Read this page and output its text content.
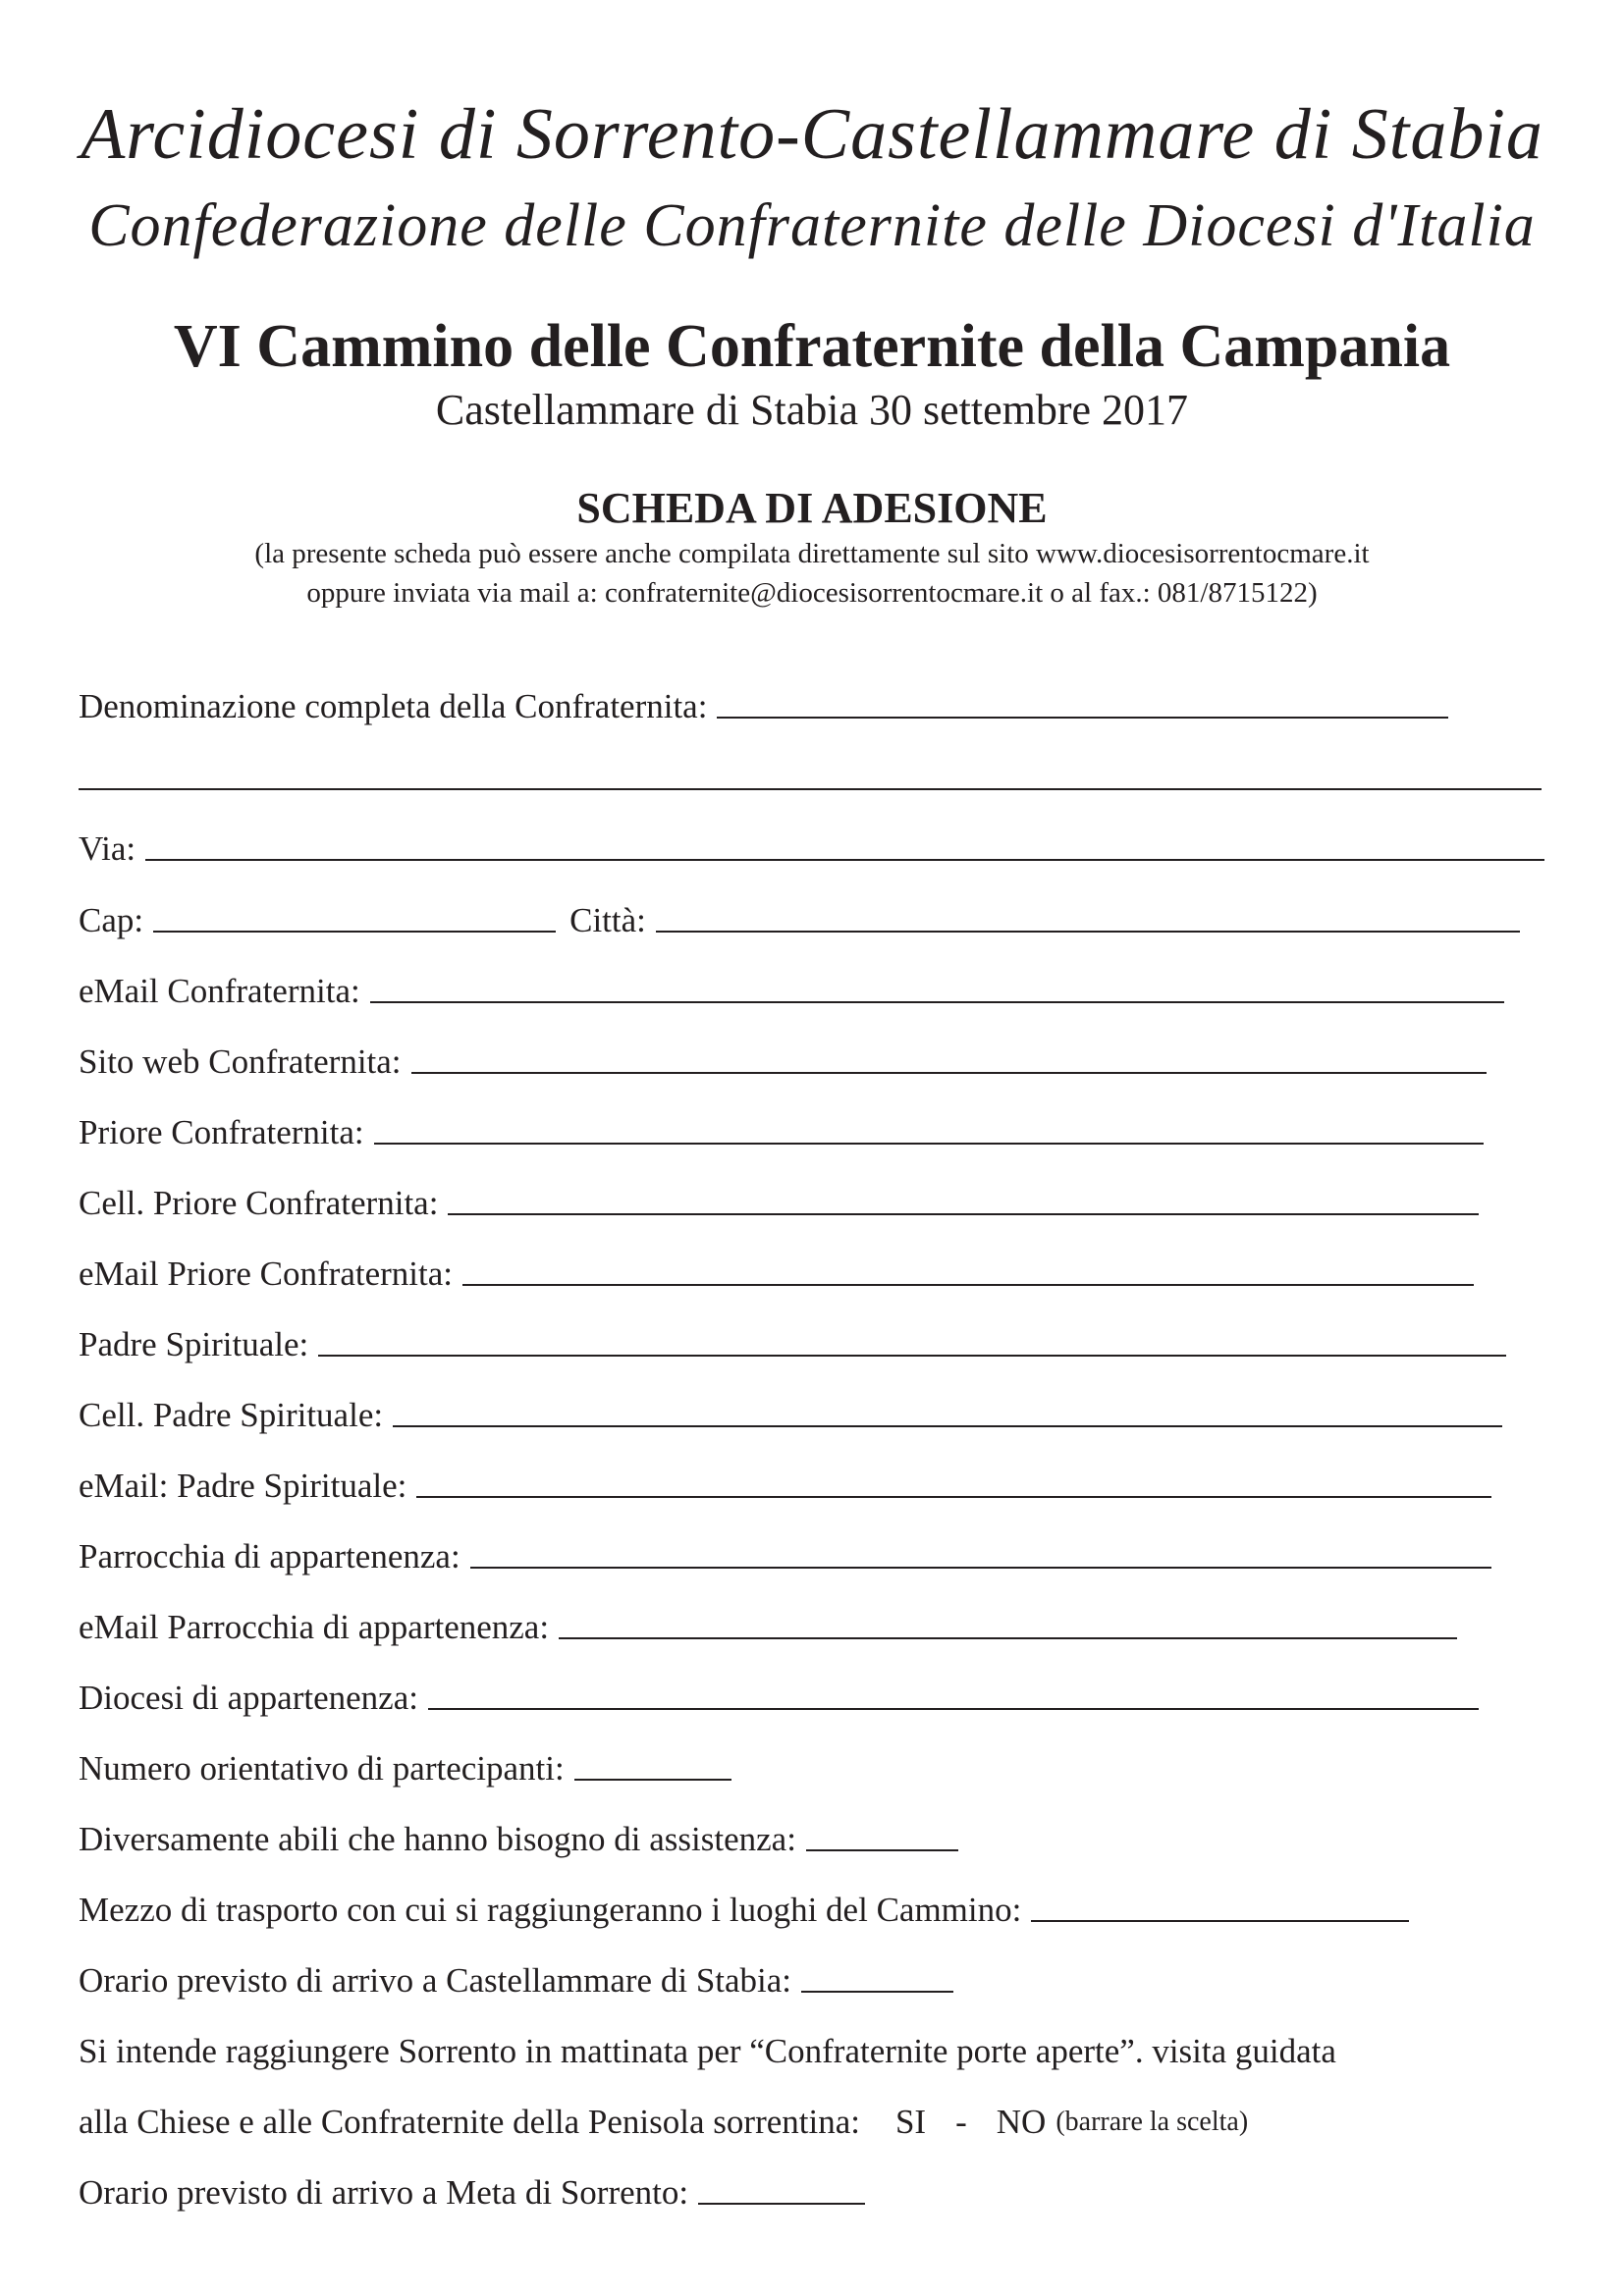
Arcidiocesi di Sorrento-Castellammare di Stabia
Confederazione delle Confraternite delle Diocesi d'Italia
VI Cammino delle Confraternite della Campania
Castellammare di Stabia 30 settembre 2017
SCHEDA DI ADESIONE
(la presente scheda può essere anche compilata direttamente sul sito www.diocesisorrentocmare.it
oppure inviata via mail a: confraternite@diocesisorrentocmare.it o al fax.: 081/8715122)
Denominazione completa della Confraternita:
Via:
Cap:	Città:
eMail Confraternita:
Sito web Confraternita:
Priore Confraternita:
Cell. Priore Confraternita:
eMail Priore Confraternita:
Padre Spirituale:
Cell. Padre Spirituale:
eMail: Padre Spirituale:
Parrocchia di appartenenza:
eMail Parrocchia di appartenenza:
Diocesi di appartenenza:
Numero orientativo di partecipanti:
Diversamente abili che hanno bisogno di assistenza:
Mezzo di trasporto con cui si raggiungeranno i luoghi del Cammino:
Orario previsto di arrivo a Castellammare di Stabia:
Si intende raggiungere Sorrento in mattinata per “Confraternite porte aperte”. visita guidata
alla Chiese e alle Confraternite della Penisola sorrentina:	SI - NO (barrare la scelta)
Orario previsto di arrivo a Meta di Sorrento:
